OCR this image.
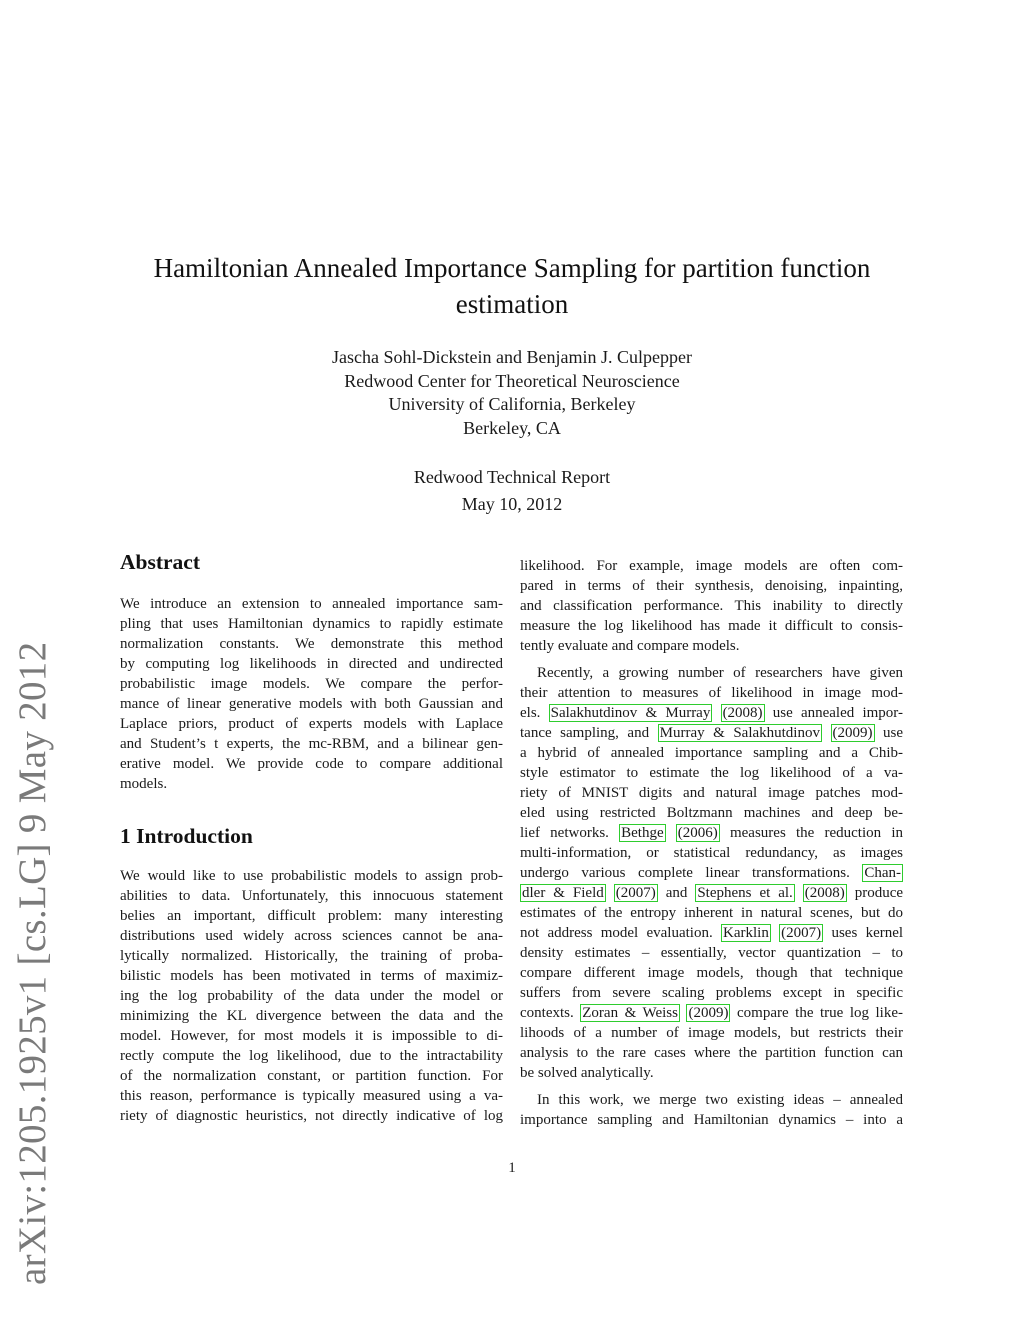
arXiv:1205.1925v1 [cs.LG] 9 May 2012
Hamiltonian Annealed Importance Sampling for partition function
estimation
Jascha Sohl-Dickstein and Benjamin J. Culpepper
Redwood Center for Theoretical Neuroscience
University of California, Berkeley
Berkeley, CA
Redwood Technical Report
May 10, 2012
Abstract
We introduce an extension to annealed importance sam-
pling that uses Hamiltonian dynamics to rapidly estimate
normalization constants. We demonstrate this method
by computing log likelihoods in directed and undirected
probabilistic image models. We compare the perfor-
mance of linear generative models with both Gaussian and
Laplace priors, product of experts models with Laplace
and Student’s t experts, the mc-RBM, and a bilinear gen-
erative model. We provide code to compare additional
models.
1 Introduction
We would like to use probabilistic models to assign prob-
abilities to data. Unfortunately, this innocuous statement
belies an important, difficult problem: many interesting
distributions used widely across sciences cannot be ana-
lytically normalized. Historically, the training of proba-
bilistic models has been motivated in terms of maximiz-
ing the log probability of the data under the model or
minimizing the KL divergence between the data and the
model. However, for most models it is impossible to di-
rectly compute the log likelihood, due to the intractability
of the normalization constant, or partition function. For
this reason, performance is typically measured using a va-
riety of diagnostic heuristics, not directly indicative of log
likelihood. For example, image models are often com-
pared in terms of their synthesis, denoising, inpainting,
and classification performance. This inability to directly
measure the log likelihood has made it difficult to consis-
tently evaluate and compare models.
Recently, a growing number of researchers have given
their attention to measures of likelihood in image mod-
els. Salakhutdinov & Murray (2008) use annealed impor-
tance sampling, and Murray & Salakhutdinov (2009) use
a hybrid of annealed importance sampling and a Chib-
style estimator to estimate the log likelihood of a va-
riety of MNIST digits and natural image patches mod-
eled using restricted Boltzmann machines and deep be-
lief networks. Bethge (2006) measures the reduction in
multi-information, or statistical redundancy, as images
undergo various complete linear transformations. Chan-
dler & Field (2007) and Stephens et al. (2008) produce
estimates of the entropy inherent in natural scenes, but do
not address model evaluation. Karklin (2007) uses kernel
density estimates – essentially, vector quantization – to
compare different image models, though that technique
suffers from severe scaling problems except in specific
contexts. Zoran & Weiss (2009) compare the true log like-
lihoods of a number of image models, but restricts their
analysis to the rare cases where the partition function can
be solved analytically.
In this work, we merge two existing ideas – annealed
importance sampling and Hamiltonian dynamics – into a
1
